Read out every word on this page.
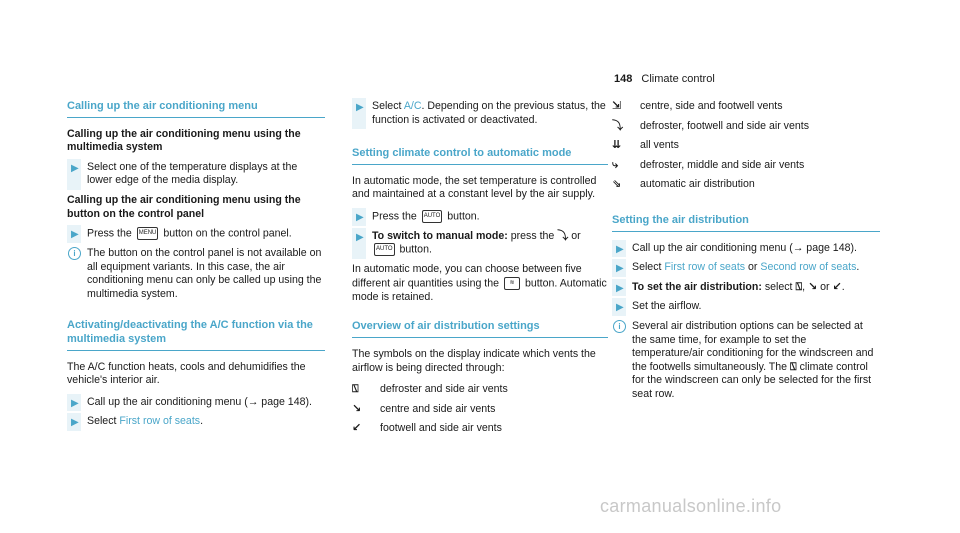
148 Climate control
Calling up the air conditioning menu
Calling up the air conditioning menu using the multimedia system
▶ Select one of the temperature displays at the lower edge of the media display.
Calling up the air conditioning menu using the button on the control panel
▶ Press the MENU button on the control panel.
i	The button on the control panel is not available on all equipment variants. In this case, the air conditioning menu can only be called up using the multimedia system.
Activating/deactivating the A/C function via the multimedia system

The A/C function heats, cools and dehumidifies the vehicle's interior air.

▶ Call up the air conditioning menu (→ page 148).
▶ Select First row of seats.
▶ Select A/C. Depending on the previous status, the function is activated or deactivated.
Setting climate control to automatic mode

In automatic mode, the set temperature is controlled and maintained at a constant level by the air supply.

▶ Press the AUTO button.
▶ To switch to manual mode: press the ⤵ or AUTO button.

In automatic mode, you can choose between five different air quantities using the ≋ button. Automatic mode is retained.

Overview of air distribution settings

The symbols on the display indicate which vents the airflow is being directed through:

⍂	defroster and side air vents
↘	centre and side air vents
↙	footwell and side air vents
⇲	centre, side and footwell vents
⤵	defroster, footwell and side air vents
⇊	all vents
⤷	defroster, middle and side air vents
⇘	automatic air distribution
Setting the air distribution
▶ Call up the air conditioning menu (→ page 148).
▶ Select First row of seats or Second row of seats.
▶ To set the air distribution: select ⍂, ↘ or ↙.
▶ Set the airflow.
i	Several air distribution options can be selected at the same time, for example to set the temperature/air conditioning for the windscreen and the footwells simultaneously. The ⍂ climate control for the windscreen can only be selected for the first seat row.
carmanualsonline.info
